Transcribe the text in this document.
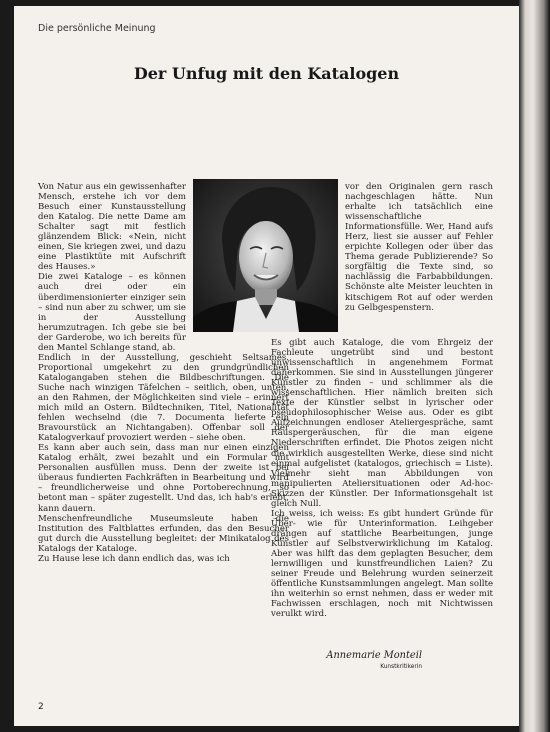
Die persönliche Meinung
Der Unfug mit den Katalogen

Von Natur aus ein gewissenhafter Mensch, erstehe ich vor dem Besuch einer Kunstausstellung den Katalog. Die nette Dame am Schalter sagt mit festlich glänzendem Blick: «Nein, nicht einen, Sie kriegen zwei, und dazu eine Plastiktüte mit Aufschrift des Hauses.»

Die zwei Kataloge – es können auch drei oder ein überdimensionierter einziger sein – sind nun aber zu schwer, um sie in der Ausstellung herumzutragen. Ich gebe sie bei der Garderobe, wo ich bereits für den Mantel Schlange stand, ab.

Endlich in der Ausstellung, geschieht Seltsames. Proportional umgekehrt zu den grundgründlichen Katalogangaben stehen die Bildbeschriftungen. Die Suche nach winzigen Täfelchen – seitlich, oben, unten, an den Rahmen, der Möglichkeiten sind viele – erinnert mich mild an Ostern. Bildtechniken, Titel, Nationalität fehlen wechselnd (die 7. Documenta lieferte ein Bravourstück an Nichtangaben). Offenbar soll der Katalogverkauf provoziert werden – siehe oben.

Es kann aber auch sein, dass man nur einen einzigen Katalog erhält, zwei bezahlt und ein Formular mit Personalien ausfüllen muss. Denn der zweite ist bei überaus fundierten Fachkräften in Bearbeitung und wird – freundlicherweise und ohne Portoberechnung, so betont man – später zugestellt. Und das, ich hab's erlebt, kann dauern.

Menschenfreundliche Museumsleute haben die Institution des Faltblattes erfunden, das den Besucher gut durch die Ausstellung begleitet: der Minikatalog des Katalogs der Kataloge.

Zu Hause lese ich dann endlich das, was ich

vor den Originalen gern rasch nachgeschlagen hätte. Nun erhalte ich tatsächlich eine wissenschaftliche Informationsfülle. Wer, Hand aufs Herz, liest sie ausser auf Fehler erpichte Kollegen oder über das Thema gerade Publizierende? So sorgfältig die Texte sind, so nachlässig die Farbabbildungen. Schönste alte Meister leuchten in kitschigem Rot auf oder werden zu Gelbgespenstern.

Es gibt auch Kataloge, die vom Ehrgeiz der Fachleute ungetrübt sind und bestont unwissenschaftlich in angenehmem Format daherkommen. Sie sind in Ausstellungen jüngerer Künstler zu finden – und schlimmer als die wissenschaftlichen. Hier nämlich breiten sich Texte der Künstler selbst in lyrischer oder pseudophilosophischer Weise aus. Oder es gibt Aufzeichnungen endloser Ateliergespräche, samt Räuspergeräuschen, für die man eigene Niederschriften erfindet. Die Photos zeigen nicht die wirklich ausgestellten Werke, diese sind nicht einmal aufgelistet (katalogos, griechisch = Liste). Vielmehr sieht man Abbildungen von manipulierten Ateliersituationen oder Ad-hoc-Skizzen der Künstler. Der Informationsgehalt ist gleich Null.

Ich weiss, ich weiss: Es gibt hundert Gründe für Über- wie für Unterinformation. Leihgeber drängen auf stattliche Bearbeitungen, junge Künstler auf Selbstverwirklichung im Katalog. Aber was hilft das dem geplagten Besucher, dem lernwilligen und kunstfreundlichen Laien? Zu seiner Freude und Belehrung wurden seinerzeit öffentliche Kunstsammlungen angelegt. Man sollte ihn weiterhin so ernst nehmen, dass er weder mit Fachwissen erschlagen, noch mit Nichtwissen verulkt wird.

Annemarie Monteil
Kunstkritikerin
2
